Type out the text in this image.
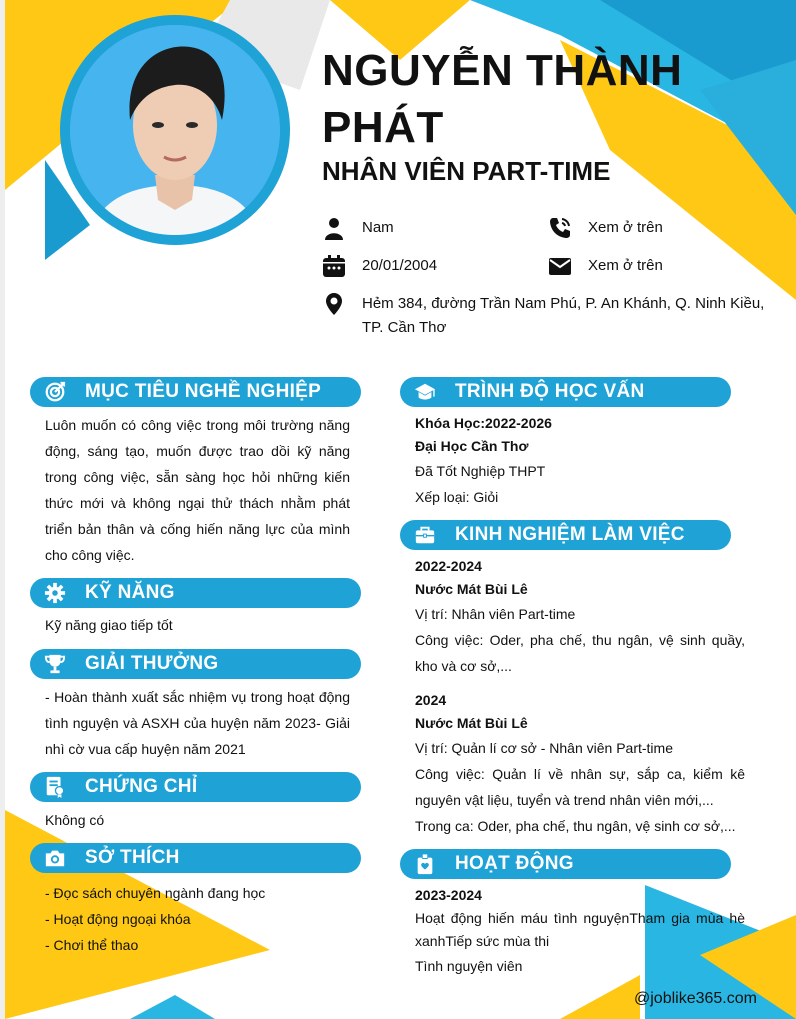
NGUYỄN THÀNH PHÁT
NHÂN VIÊN PART-TIME
Nam	Xem ở trên
20/01/2004	Xem ở trên
Hẻm 384, đường Trần Nam Phú, P. An Khánh, Q. Ninh Kiều, TP. Cần Thơ
MỤC TIÊU NGHỀ NGHIỆP
Luôn muốn có công việc trong môi trường năng động, sáng tạo, muốn được trao dồi kỹ năng trong công việc, sẵn sàng học hỏi những kiến thức mới và không ngại thử thách nhằm phát triển bản thân và cống hiến năng lực của mình cho công việc.
KỸ NĂNG
Kỹ năng giao tiếp tốt
GIẢI THƯỞNG
- Hoàn thành xuất sắc nhiệm vụ trong hoạt động tình nguyện và ASXH của huyện năm 2023- Giải nhì cờ vua cấp huyện năm 2021
CHỨNG CHỈ
Không có
SỞ THÍCH
- Đọc sách chuyên ngành đang học
- Hoạt động ngoại khóa
- Chơi thể thao
TRÌNH ĐỘ HỌC VẤN
Khóa Học:2022-2026
Đại Học Cần Thơ
Đã Tốt Nghiệp THPT
Xếp loại: Giỏi
KINH NGHIỆM LÀM VIỆC
2022-2024
Nước Mát Bùi Lê
Vị trí: Nhân viên Part-time
Công việc: Oder, pha chế, thu ngân, vệ sinh quầy, kho và cơ sở,...
2024
Nước Mát Bùi Lê
Vị trí: Quản lí cơ sở - Nhân viên Part-time
Công việc: Quản lí về nhân sự, sắp ca, kiểm kê nguyên vật liệu, tuyển và trend nhân viên mới,...
Trong ca: Oder, pha chế, thu ngân, vệ sinh cơ sở,...
HOẠT ĐỘNG
2023-2024
Hoạt động hiến máu tình nguyệnTham gia mùa hè xanhTiếp sức mùa thi
Tình nguyện viên
@joblike365.com
